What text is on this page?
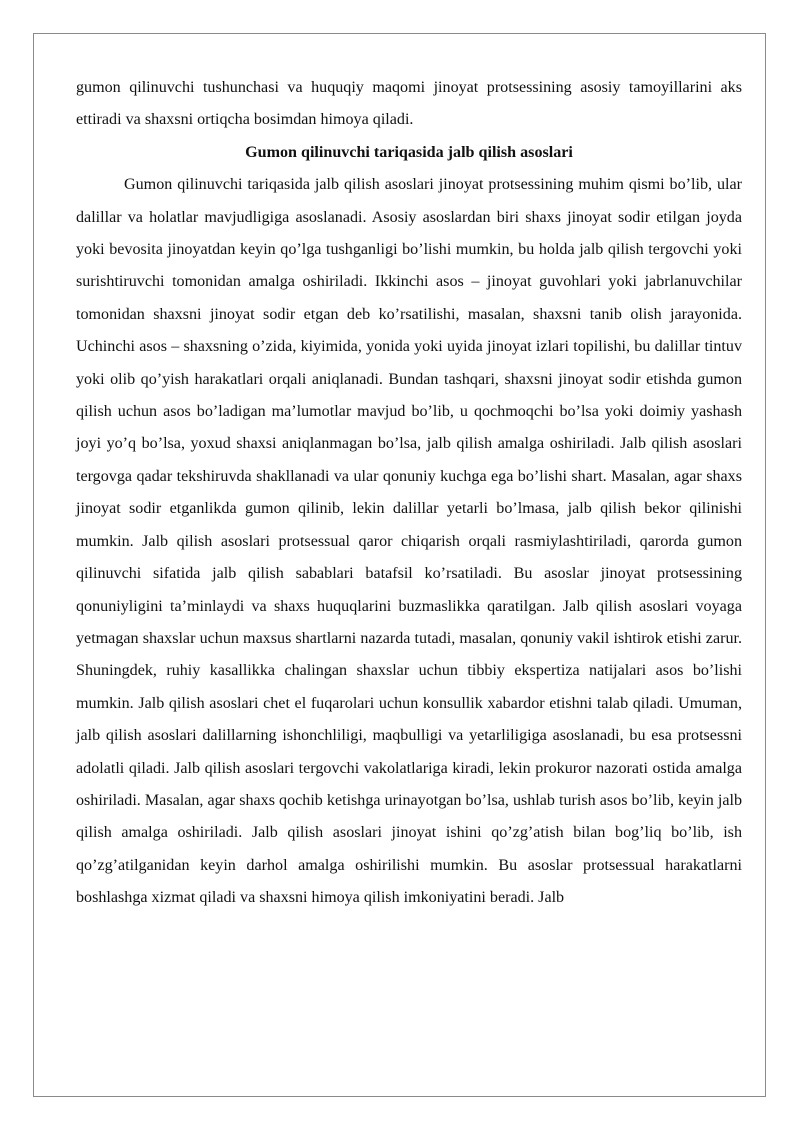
gumon qilinuvchi tushunchasi va huquqiy maqomi jinoyat protsessining asosiy tamoyillarini aks ettiradi va shaxsni ortiqcha bosimdan himoya qiladi.

Gumon qilinuvchi tariqasida jalb qilish asoslari

Gumon qilinuvchi tariqasida jalb qilish asoslari jinoyat protsessining muhim qismi bo’lib, ular dalillar va holatlar mavjudligiga asoslanadi. Asosiy asoslardan biri shaxs jinoyat sodir etilgan joyda yoki bevosita jinoyatdan keyin qo’lga tushganligi bo’lishi mumkin, bu holda jalb qilish tergovchi yoki surishtiruvchi tomonidan amalga oshiriladi. Ikkinchi asos – jinoyat guvohlari yoki jabrlanuvchilar tomonidan shaxsni jinoyat sodir etgan deb ko’rsatilishi, masalan, shaxsni tanib olish jarayonida. Uchinchi asos – shaxsning o’zida, kiyimida, yonida yoki uyida jinoyat izlari topilishi, bu dalillar tintuv yoki olib qo’yish harakatlari orqali aniqlanadi. Bundan tashqari, shaxsni jinoyat sodir etishda gumon qilish uchun asos bo’ladigan ma’lumotlar mavjud bo’lib, u qochmoqchi bo’lsa yoki doimiy yashash joyi yo’q bo’lsa, yoxud shaxsi aniqlanmagan bo’lsa, jalb qilish amalga oshiriladi. Jalb qilish asoslari tergovga qadar tekshiruvda shakllanadi va ular qonuniy kuchga ega bo’lishi shart. Masalan, agar shaxs jinoyat sodir etganlikda gumon qilinib, lekin dalillar yetarli bo’lmasa, jalb qilish bekor qilinishi mumkin. Jalb qilish asoslari protsessual qaror chiqarish orqali rasmiylashtiriladi, qarorda gumon qilinuvchi sifatida jalb qilish sabablari batafsil ko’rsatiladi. Bu asoslar jinoyat protsessining qonuniyligini ta’minlaydi va shaxs huquqlarini buzmaslikka qaratilgan. Jalb qilish asoslari voyaga yetmagan shaxslar uchun maxsus shartlarni nazarda tutadi, masalan, qonuniy vakil ishtirok etishi zarur. Shuningdek, ruhiy kasallikka chalingan shaxslar uchun tibbiy ekspertiza natijalari asos bo’lishi mumkin. Jalb qilish asoslari chet el fuqarolari uchun konsullik xabardor etishni talab qiladi. Umuman, jalb qilish asoslari dalillarning ishonchliligi, maqbulligi va yetarliligiga asoslanadi, bu esa protsessni adolatli qiladi. Jalb qilish asoslari tergovchi vakolatlariga kiradi, lekin prokuror nazorati ostida amalga oshiriladi. Masalan, agar shaxs qochib ketishga urinayotgan bo’lsa, ushlab turish asos bo’lib, keyin jalb qilish amalga oshiriladi. Jalb qilish asoslari jinoyat ishini qo’zg’atish bilan bog’liq bo’lib, ish qo’zg’atilganidan keyin darhol amalga oshirilishi mumkin. Bu asoslar protsessual harakatlarni boshlashga xizmat qiladi va shaxsni himoya qilish imkoniyatini beradi. Jalb
